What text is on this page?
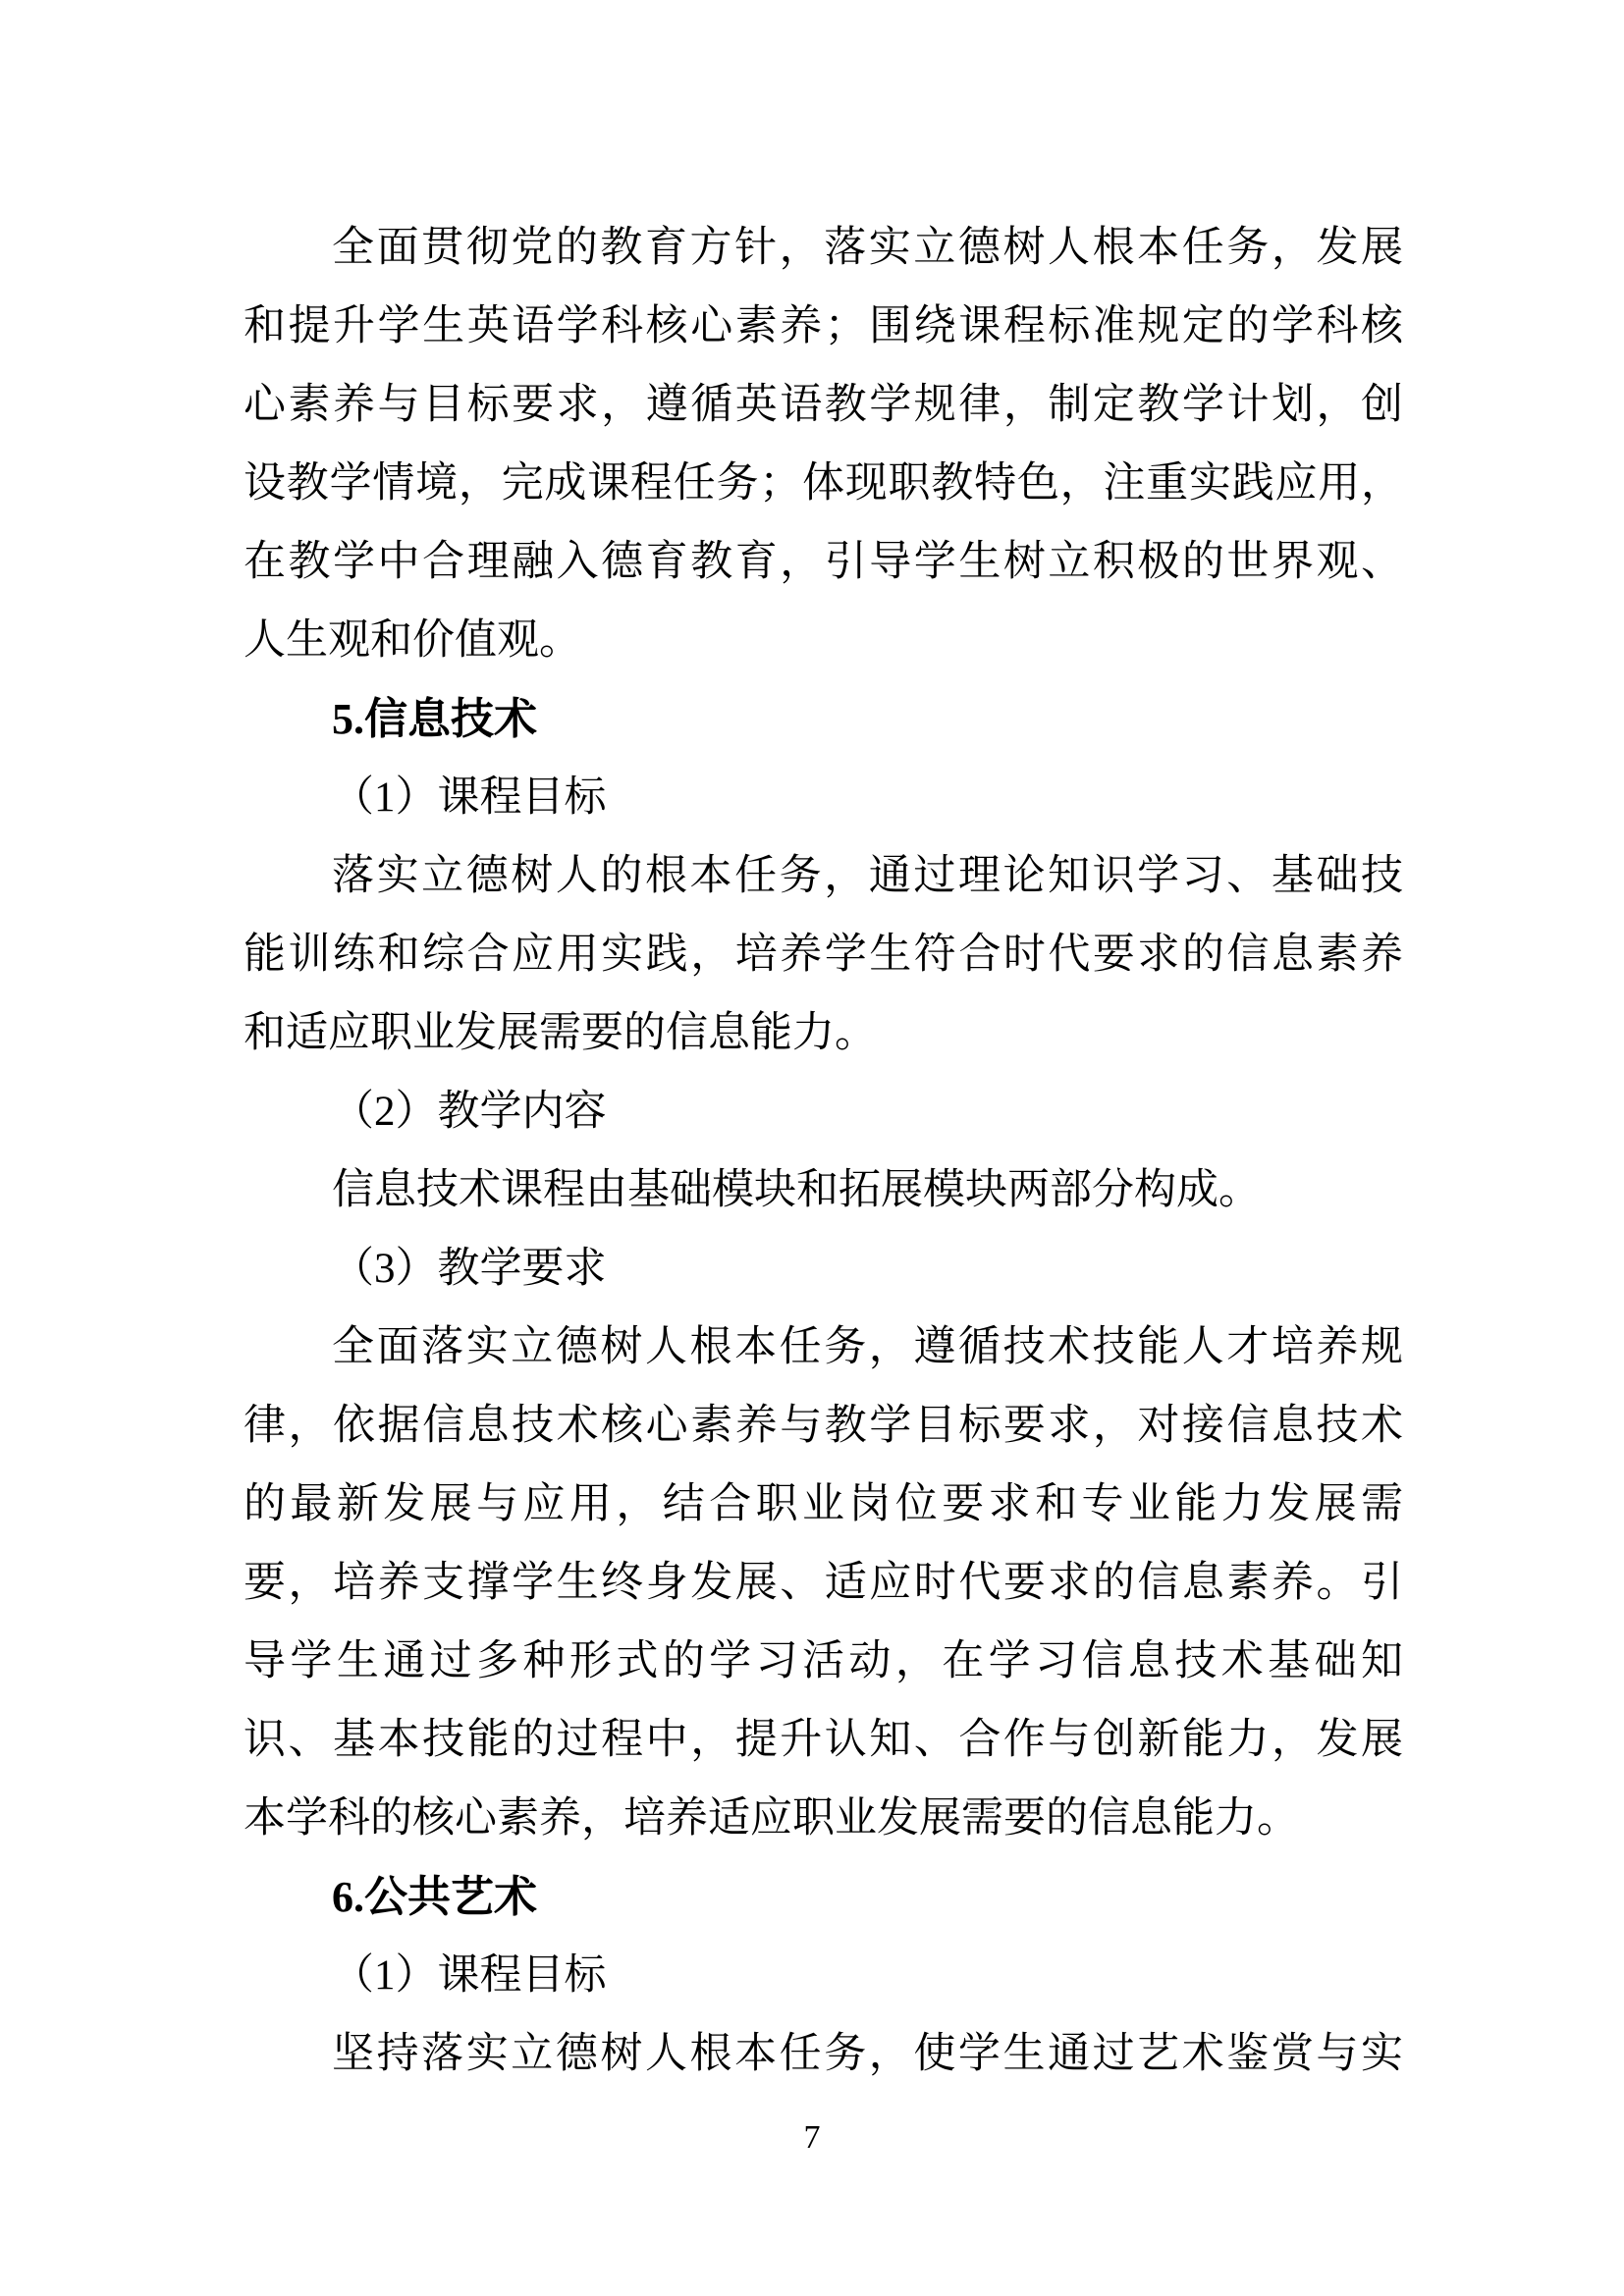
全面贯彻党的教育方针，落实立德树人根本任务，发展
和提升学生英语学科核心素养；围绕课程标准规定的学科核
心素养与目标要求，遵循英语教学规律，制定教学计划，创
设教学情境，完成课程任务；体现职教特色，注重实践应用，
在教学中合理融入德育教育，引导学生树立积极的世界观、
人生观和价值观。
5.信息技术
（1）课程目标
落实立德树人的根本任务，通过理论知识学习、基础技
能训练和综合应用实践，培养学生符合时代要求的信息素养
和适应职业发展需要的信息能力。
（2）教学内容
信息技术课程由基础模块和拓展模块两部分构成。
（3）教学要求
全面落实立德树人根本任务，遵循技术技能人才培养规
律，依据信息技术核心素养与教学目标要求，对接信息技术
的最新发展与应用，结合职业岗位要求和专业能力发展需
要，培养支撑学生终身发展、适应时代要求的信息素养。引
导学生通过多种形式的学习活动，在学习信息技术基础知
识、基本技能的过程中，提升认知、合作与创新能力，发展
本学科的核心素养，培养适应职业发展需要的信息能力。
6.公共艺术
（1）课程目标
坚持落实立德树人根本任务，使学生通过艺术鉴赏与实
7
